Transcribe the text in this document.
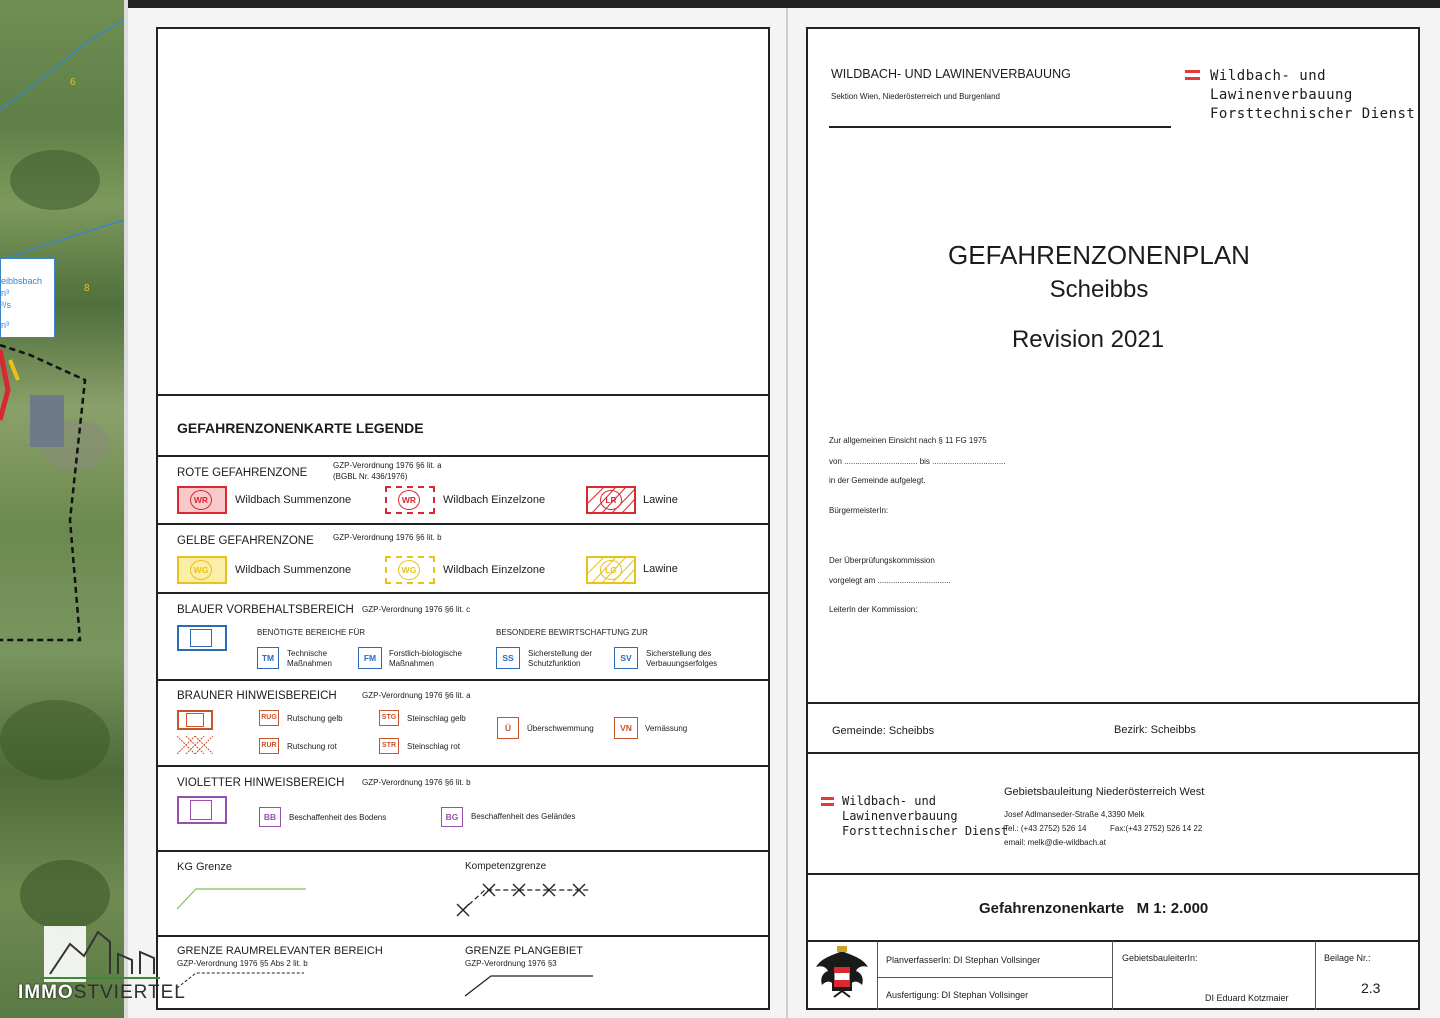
6
8
eibbsbach
n³
³/s
n³
GEFAHRENZONENKARTE LEGENDE
ROTE GEFAHRENZONE
GZP-Verordnung 1976 §6 lit. a
(BGBL Nr. 436/1976)
WR	Wildbach Summenzone	WR	Wildbach Einzelzone	LR	Lawine
GELBE GEFAHRENZONE GZP-Verordnung 1976 §6 lit. b
WG	Wildbach Summenzone	WG	Wildbach Einzelzone	LG	Lawine
BLAUER VORBEHALTSBEREICH GZP-Verordnung 1976 §6 lit. c
BENÖTIGTE BEREICHE FÜR	BESONDERE BEWIRTSCHAFTUNG ZUR
TM	Technische
Maßnahmen
FM	Forstlich-biologische
Maßnahmen
SS	Sicherstellung der
Schutzfunktion
SV	Sicherstellung des
Verbauungserfolges
BRAUNER HINWEISBEREICH	GZP-Verordnung 1976 §6 lit. a
RUG Rutschung gelb
RUR	Rutschung rot
STG	Steinschlag gelb
STR	Steinschlag rot
Ü	Überschwemmung	VN	Vernässung
VIOLETTER HINWEISBEREICH GZP-Verordnung 1976 §6 lit. b
BB	Beschaffenheit des Bodens	BG	Beschaffenheit des Geländes
KG Grenze	Kompetenzgrenze
GRENZE RAUMRELEVANTER BEREICH
GZP-Verordnung 1976 §5 Abs 2 lit. b
GRENZE PLANGEBIET
GZP-Verordnung 1976 §3
IMMOSTVIERTEL
WILDBACH- UND LAWINENVERBAUUNG
Sektion Wien, Niederösterreich und Burgenland
Wildbach- und
Lawinenverbauung
Forsttechnischer Dienst
GEFAHRENZONENPLAN
Scheibbs
Revision 2021
Zur allgemeinen Einsicht nach § 11 FG 1975
von ................................. bis .................................
in der Gemeinde aufgelegt.
BürgermeisterIn:
Der Überprüfungskommission
vorgelegt am .................................
LeiterIn der Kommission:
Gemeinde: Scheibbs	Bezirk: Scheibbs
Wildbach- und
Lawinenverbauung
Forsttechnischer Dienst
Gebietsbauleitung Niederösterreich West
Josef Adlmanseder-Straße 4,3390 Melk
Tel.: (+43 2752) 526 14	Fax:(+43 2752) 526 14 22
email: melk@die-wildbach.at
Gefahrenzonenkarte M 1: 2.000
PlanverfasserIn: DI Stephan Vollsinger
Ausfertigung: DI Stephan Vollsinger
GebietsbauleiterIn:
DI Eduard Kotzmaier
Beilage Nr.:
2.3
